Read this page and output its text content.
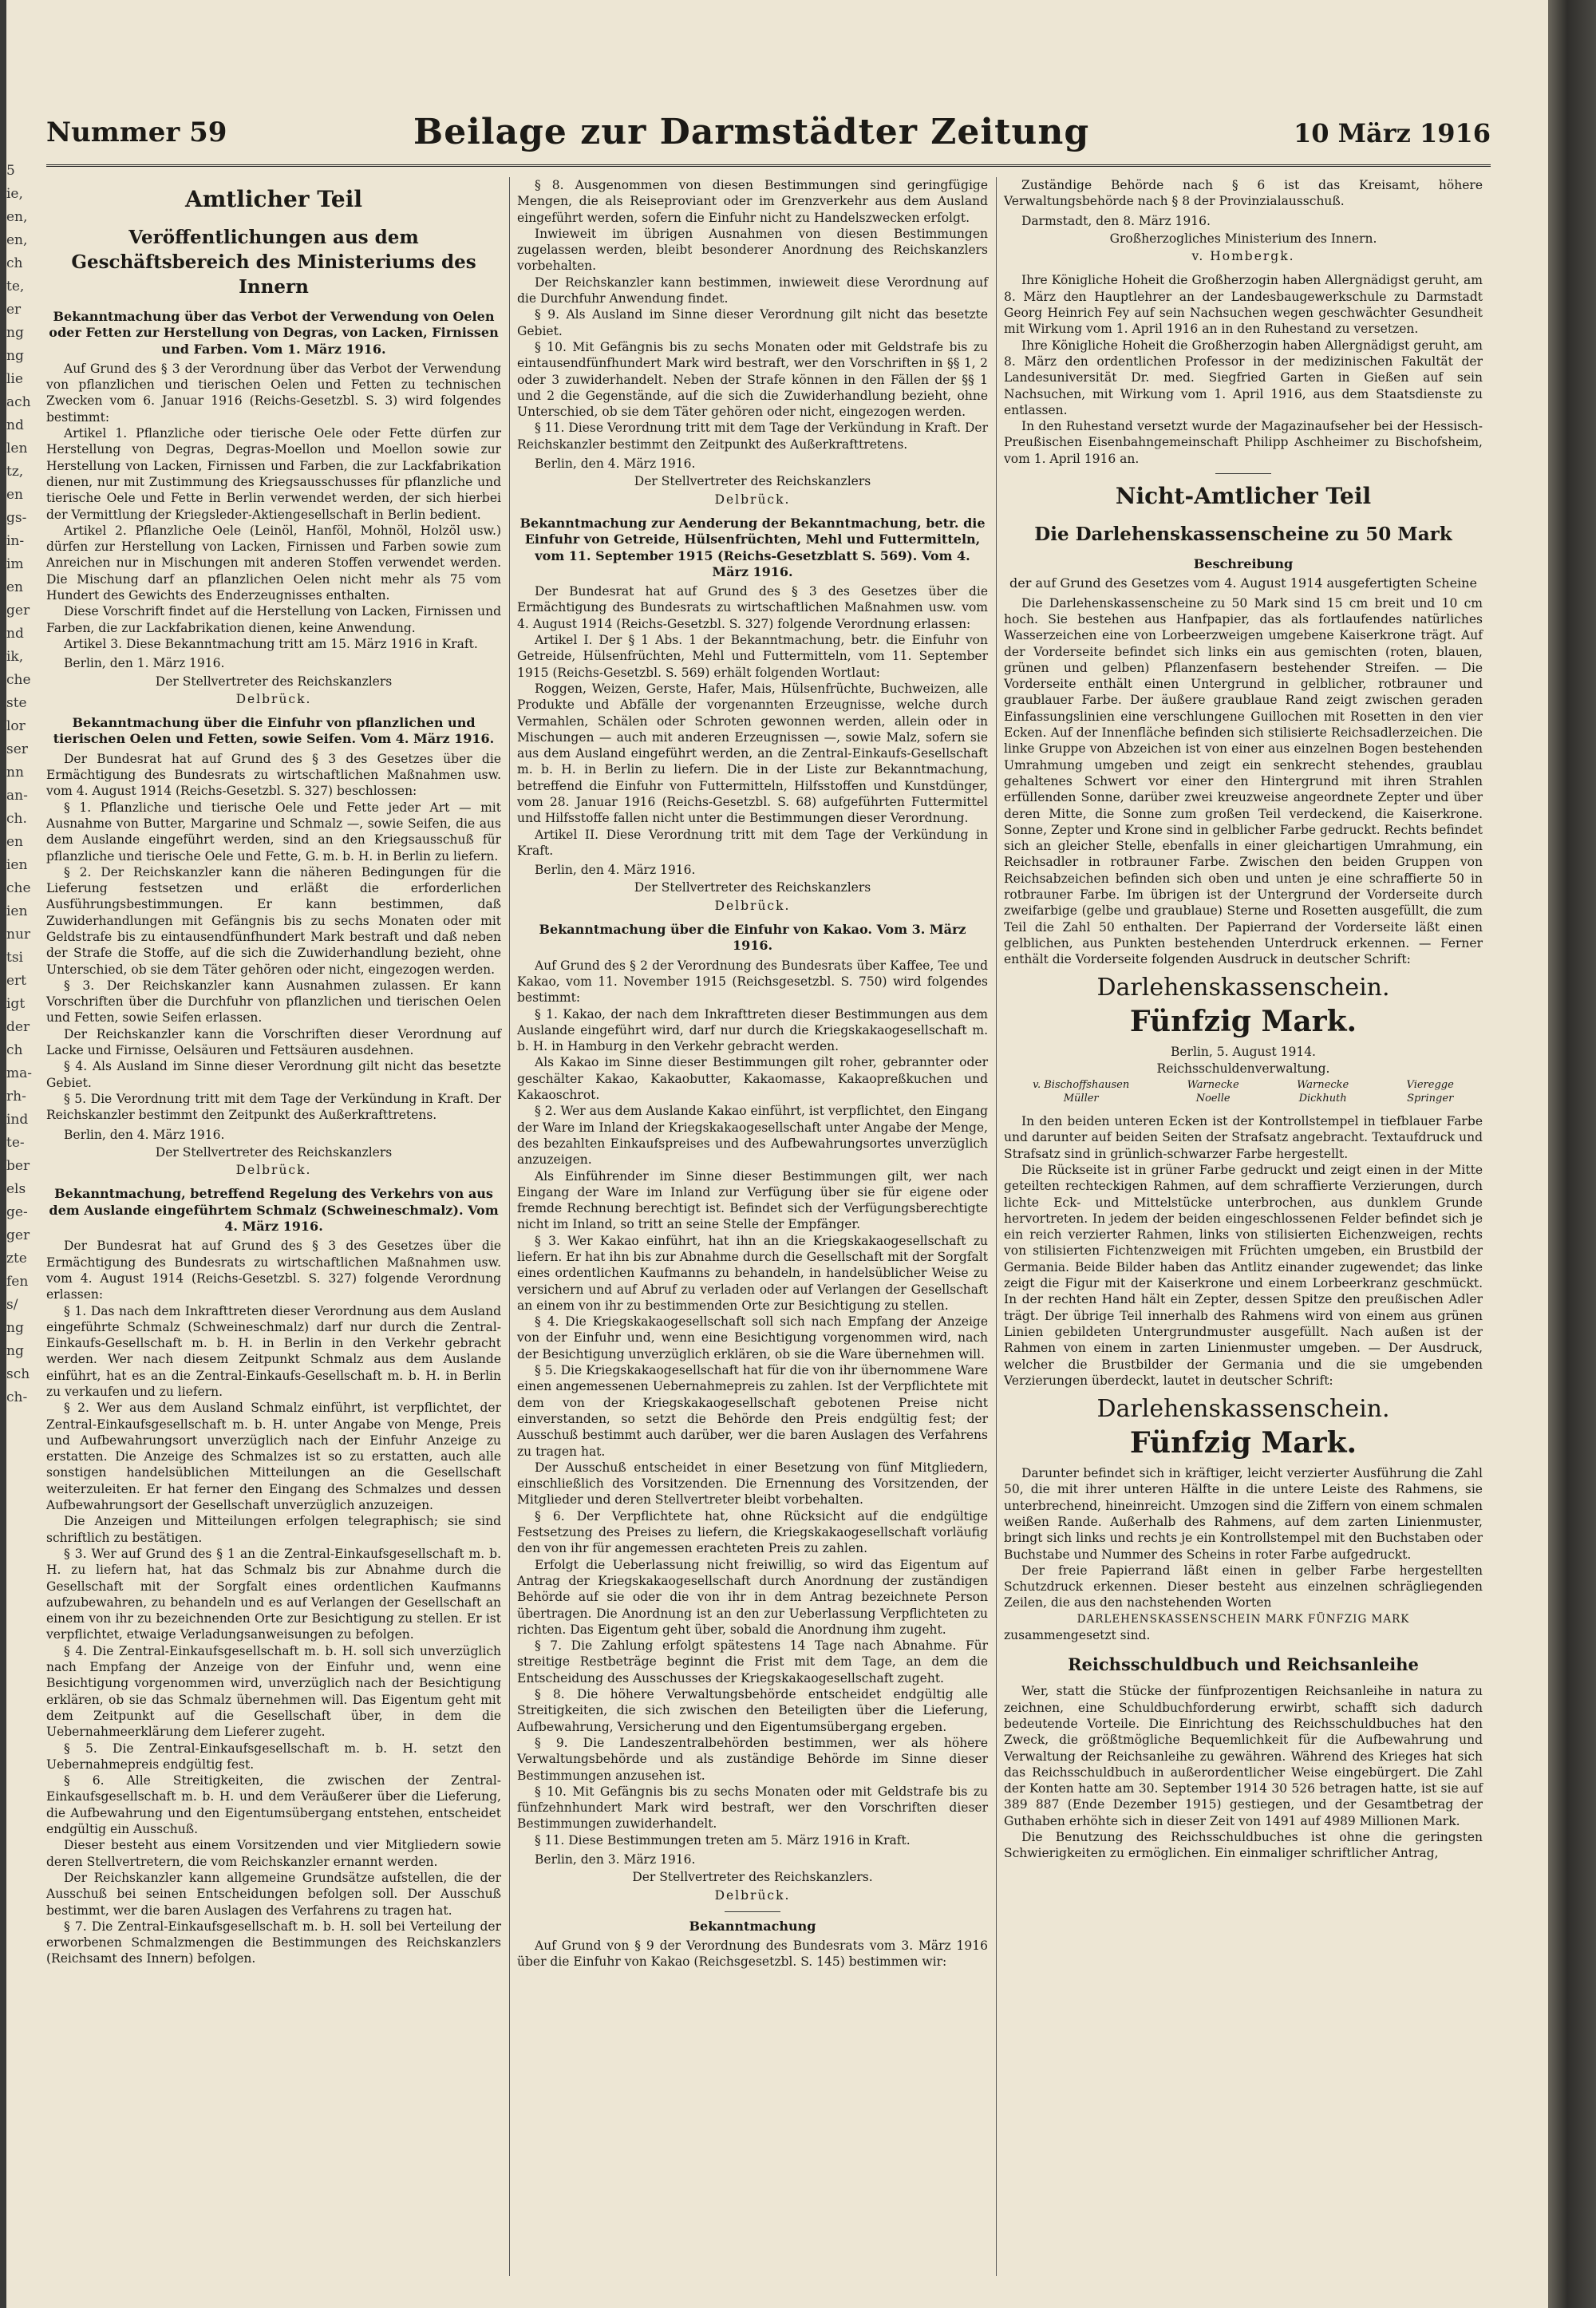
5
ie,
en,
en,
ch
te,
er
ng
ng
lie
ach
nd
len
tz,
en
gs-
in-
im
en
ger
nd
ik,
che
ste
lor
ser
nn
an-
ch.
en
ien
che
ien
nur
tsi
ert
igt
der
ch
ma-
rh-
ind
te-
ber
els
ge-
ger
zte
fen
s/
ng
ng
sch
ch-
Nummer 59	Beilage zur Darmstädter Zeitung	10 März 1916
Amtlicher Teil
Veröffentlichungen aus dem Geschäftsbereich des Ministeriums des Innern
Bekanntmachung über das Verbot der Verwendung von Oelen oder Fetten zur Herstellung von Degras, von Lacken, Firnissen und Farben. Vom 1. März 1916.

Auf Grund des § 3 der Verordnung über das Verbot der Verwendung von pflanzlichen und tierischen Oelen und Fetten zu technischen Zwecken vom 6. Januar 1916 (Reichs-Gesetzbl. S. 3) wird folgendes bestimmt:

Artikel 1. Pflanzliche oder tierische Oele oder Fette dürfen zur Herstellung von Degras, Degras-Moellon und Moellon sowie zur Herstellung von Lacken, Firnissen und Farben, die zur Lackfabrikation dienen, nur mit Zustimmung des Kriegsausschusses für pflanzliche und tierische Oele und Fette in Berlin verwendet werden, der sich hierbei der Vermittlung der Kriegsleder-Aktiengesellschaft in Berlin bedient.

Artikel 2. Pflanzliche Oele (Leinöl, Hanföl, Mohnöl, Holzöl usw.) dürfen zur Herstellung von Lacken, Firnissen und Farben sowie zum Anreichen nur in Mischungen mit anderen Stoffen verwendet werden. Die Mischung darf an pflanzlichen Oelen nicht mehr als 75 vom Hundert des Gewichts des Enderzeugnisses enthalten.

Diese Vorschrift findet auf die Herstellung von Lacken, Firnissen und Farben, die zur Lackfabrikation dienen, keine Anwendung.

Artikel 3. Diese Bekanntmachung tritt am 15. März 1916 in Kraft.

Berlin, den 1. März 1916.

Der Stellvertreter des Reichskanzlers
Delbrück.
Bekanntmachung über die Einfuhr von pflanzlichen und tierischen Oelen und Fetten, sowie Seifen. Vom 4. März 1916.

Der Bundesrat hat auf Grund des § 3 des Gesetzes über die Ermächtigung des Bundesrats zu wirtschaftlichen Maßnahmen usw. vom 4. August 1914 (Reichs-Gesetzbl. S. 327) beschlossen:

§ 1. Pflanzliche und tierische Oele und Fette jeder Art — mit Ausnahme von Butter, Margarine und Schmalz —, sowie Seifen, die aus dem Auslande eingeführt werden, sind an den Kriegsausschuß für pflanzliche und tierische Oele und Fette, G. m. b. H. in Berlin zu liefern.

§ 2. Der Reichskanzler kann die näheren Bedingungen für die Lieferung festsetzen und erläßt die erforderlichen Ausführungsbestimmungen. Er kann bestimmen, daß Zuwiderhandlungen mit Gefängnis bis zu sechs Monaten oder mit Geldstrafe bis zu eintausendfünfhundert Mark bestraft und daß neben der Strafe die Stoffe, auf die sich die Zuwiderhandlung bezieht, ohne Unterschied, ob sie dem Täter gehören oder nicht, eingezogen werden.

§ 3. Der Reichskanzler kann Ausnahmen zulassen. Er kann Vorschriften über die Durchfuhr von pflanzlichen und tierischen Oelen und Fetten, sowie Seifen erlassen.

Der Reichskanzler kann die Vorschriften dieser Verordnung auf Lacke und Firnisse, Oelsäuren und Fettsäuren ausdehnen.

§ 4. Als Ausland im Sinne dieser Verordnung gilt nicht das besetzte Gebiet.

§ 5. Die Verordnung tritt mit dem Tage der Verkündung in Kraft. Der Reichskanzler bestimmt den Zeitpunkt des Außerkrafttretens.

Berlin, den 4. März 1916.

Der Stellvertreter des Reichskanzlers
Delbrück.
Bekanntmachung, betreffend Regelung des Verkehrs von aus dem Auslande eingeführtem Schmalz (Schweineschmalz). Vom 4. März 1916.

Der Bundesrat hat auf Grund des § 3 des Gesetzes über die Ermächtigung des Bundesrats zu wirtschaftlichen Maßnahmen usw. vom 4. August 1914 (Reichs-Gesetzbl. S. 327) folgende Verordnung erlassen:

§ 1. Das nach dem Inkrafttreten dieser Verordnung aus dem Ausland eingeführte Schmalz (Schweineschmalz) darf nur durch die Zentral-Einkaufs-Gesellschaft m. b. H. in Berlin in den Verkehr gebracht werden. Wer nach diesem Zeitpunkt Schmalz aus dem Auslande einführt, hat es an die Zentral-Einkaufs-Gesellschaft m. b. H. in Berlin zu verkaufen und zu liefern.

§ 2. Wer aus dem Ausland Schmalz einführt, ist verpflichtet, der Zentral-Einkaufsgesellschaft m. b. H. unter Angabe von Menge, Preis und Aufbewahrungsort unverzüglich nach der Einfuhr Anzeige zu erstatten. Die Anzeige des Schmalzes ist so zu erstatten, auch alle sonstigen handelsüblichen Mitteilungen an die Gesellschaft weiterzuleiten. Er hat ferner den Eingang des Schmalzes und dessen Aufbewahrungsort der Gesellschaft unverzüglich anzuzeigen.

Die Anzeigen und Mitteilungen erfolgen telegraphisch; sie sind schriftlich zu bestätigen.

§ 3. Wer auf Grund des § 1 an die Zentral-Einkaufsgesellschaft m. b. H. zu liefern hat, hat das Schmalz bis zur Abnahme durch die Gesellschaft mit der Sorgfalt eines ordentlichen Kaufmanns aufzubewahren, zu behandeln und es auf Verlangen der Gesellschaft an einem von ihr zu bezeichnenden Orte zur Besichtigung zu stellen. Er ist verpflichtet, etwaige Verladungsanweisungen zu befolgen.

§ 4. Die Zentral-Einkaufsgesellschaft m. b. H. soll sich unverzüglich nach Empfang der Anzeige von der Einfuhr und, wenn eine Besichtigung vorgenommen wird, unverzüglich nach der Besichtigung erklären, ob sie das Schmalz übernehmen will. Das Eigentum geht mit dem Zeitpunkt auf die Gesellschaft über, in dem die Uebernahmeerklärung dem Lieferer zugeht.

§ 5. Die Zentral-Einkaufsgesellschaft m. b. H. setzt den Uebernahmepreis endgültig fest.

§ 6. Alle Streitigkeiten, die zwischen der Zentral-Einkaufsgesellschaft m. b. H. und dem Veräußerer über die Lieferung, die Aufbewahrung und den Eigentumsübergang entstehen, entscheidet endgültig ein Ausschuß.

Dieser besteht aus einem Vorsitzenden und vier Mitgliedern sowie deren Stellvertretern, die vom Reichskanzler ernannt werden.

Der Reichskanzler kann allgemeine Grundsätze aufstellen, die der Ausschuß bei seinen Entscheidungen befolgen soll. Der Ausschuß bestimmt, wer die baren Auslagen des Verfahrens zu tragen hat.

§ 7. Die Zentral-Einkaufsgesellschaft m. b. H. soll bei Verteilung der erworbenen Schmalzmengen die Bestimmungen des Reichskanzlers (Reichsamt des Innern) befolgen.

§ 8. Ausgenommen von diesen Bestimmungen sind geringfügige Mengen, die als Reiseproviant oder im Grenzverkehr aus dem Ausland eingeführt werden, sofern die Einfuhr nicht zu Handelszwecken erfolgt.

Inwieweit im übrigen Ausnahmen von diesen Bestimmungen zugelassen werden, bleibt besonderer Anordnung des Reichskanzlers vorbehalten.

Der Reichskanzler kann bestimmen, inwieweit diese Verordnung auf die Durchfuhr Anwendung findet.

§ 9. Als Ausland im Sinne dieser Verordnung gilt nicht das besetzte Gebiet.

§ 10. Mit Gefängnis bis zu sechs Monaten oder mit Geldstrafe bis zu eintausendfünfhundert Mark wird bestraft, wer den Vorschriften in §§ 1, 2 oder 3 zuwiderhandelt. Neben der Strafe können in den Fällen der §§ 1 und 2 die Gegenstände, auf die sich die Zuwiderhandlung bezieht, ohne Unterschied, ob sie dem Täter gehören oder nicht, eingezogen werden.

§ 11. Diese Verordnung tritt mit dem Tage der Verkündung in Kraft. Der Reichskanzler bestimmt den Zeitpunkt des Außerkrafttretens.

Berlin, den 4. März 1916.

Der Stellvertreter des Reichskanzlers
Delbrück.
Bekanntmachung zur Aenderung der Bekanntmachung, betr. die Einfuhr von Getreide, Hülsenfrüchten, Mehl und Futtermitteln, vom 11. September 1915 (Reichs-Gesetzblatt S. 569). Vom 4. März 1916.

Der Bundesrat hat auf Grund des § 3 des Gesetzes über die Ermächtigung des Bundesrats zu wirtschaftlichen Maßnahmen usw. vom 4. August 1914 (Reichs-Gesetzbl. S. 327) folgende Verordnung erlassen:

Artikel I. Der § 1 Abs. 1 der Bekanntmachung, betr. die Einfuhr von Getreide, Hülsenfrüchten, Mehl und Futtermitteln, vom 11. September 1915 (Reichs-Gesetzbl. S. 569) erhält folgenden Wortlaut:

Roggen, Weizen, Gerste, Hafer, Mais, Hülsenfrüchte, Buchweizen, alle Produkte und Abfälle der vorgenannten Erzeugnisse, welche durch Vermahlen, Schälen oder Schroten gewonnen werden, allein oder in Mischungen — auch mit anderen Erzeugnissen —, sowie Malz, sofern sie aus dem Ausland eingeführt werden, an die Zentral-Einkaufs-Gesellschaft m. b. H. in Berlin zu liefern. Die in der Liste zur Bekanntmachung, betreffend die Einfuhr von Futtermitteln, Hilfsstoffen und Kunstdünger, vom 28. Januar 1916 (Reichs-Gesetzbl. S. 68) aufgeführten Futtermittel und Hilfsstoffe fallen nicht unter die Bestimmungen dieser Verordnung.

Artikel II. Diese Verordnung tritt mit dem Tage der Verkündung in Kraft.

Berlin, den 4. März 1916.

Der Stellvertreter des Reichskanzlers
Delbrück.
Bekanntmachung über die Einfuhr von Kakao. Vom 3. März 1916.

Auf Grund des § 2 der Verordnung des Bundesrats über Kaffee, Tee und Kakao, vom 11. November 1915 (Reichsgesetzbl. S. 750) wird folgendes bestimmt:

§ 1. Kakao, der nach dem Inkrafttreten dieser Bestimmungen aus dem Auslande eingeführt wird, darf nur durch die Kriegskakaogesellschaft m. b. H. in Hamburg in den Verkehr gebracht werden.

Als Kakao im Sinne dieser Bestimmungen gilt roher, gebrannter oder geschälter Kakao, Kakaobutter, Kakaomasse, Kakaopreßkuchen und Kakaoschrot.

§ 2. Wer aus dem Auslande Kakao einführt, ist verpflichtet, den Eingang der Ware im Inland der Kriegskakaogesellschaft unter Angabe der Menge, des bezahlten Einkaufspreises und des Aufbewahrungsortes unverzüglich anzuzeigen.

Als Einführender im Sinne dieser Bestimmungen gilt, wer nach Eingang der Ware im Inland zur Verfügung über sie für eigene oder fremde Rechnung berechtigt ist. Befindet sich der Verfügungsberechtigte nicht im Inland, so tritt an seine Stelle der Empfänger.

§ 3. Wer Kakao einführt, hat ihn an die Kriegskakaogesellschaft zu liefern. Er hat ihn bis zur Abnahme durch die Gesellschaft mit der Sorgfalt eines ordentlichen Kaufmanns zu behandeln, in handelsüblicher Weise zu versichern und auf Abruf zu verladen oder auf Verlangen der Gesellschaft an einem von ihr zu bestimmenden Orte zur Besichtigung zu stellen.

§ 4. Die Kriegskakaogesellschaft soll sich nach Empfang der Anzeige von der Einfuhr und, wenn eine Besichtigung vorgenommen wird, nach der Besichtigung unverzüglich erklären, ob sie die Ware übernehmen will.

§ 5. Die Kriegskakaogesellschaft hat für die von ihr übernommene Ware einen angemessenen Uebernahmepreis zu zahlen. Ist der Verpflichtete mit dem von der Kriegskakaogesellschaft gebotenen Preise nicht einverstanden, so setzt die Behörde den Preis endgültig fest; der Ausschuß bestimmt auch darüber, wer die baren Auslagen des Verfahrens zu tragen hat.

Der Ausschuß entscheidet in einer Besetzung von fünf Mitgliedern, einschließlich des Vorsitzenden. Die Ernennung des Vorsitzenden, der Mitglieder und deren Stellvertreter bleibt vorbehalten.

§ 6. Der Verpflichtete hat, ohne Rücksicht auf die endgültige Festsetzung des Preises zu liefern, die Kriegskakaogesellschaft vorläufig den von ihr für angemessen erachteten Preis zu zahlen.

Erfolgt die Ueberlassung nicht freiwillig, so wird das Eigentum auf Antrag der Kriegskakaogesellschaft durch Anordnung der zuständigen Behörde auf sie oder die von ihr in dem Antrag bezeichnete Person übertragen. Die Anordnung ist an den zur Ueberlassung Verpflichteten zu richten. Das Eigentum geht über, sobald die Anordnung ihm zugeht.

§ 7. Die Zahlung erfolgt spätestens 14 Tage nach Abnahme. Für streitige Restbeträge beginnt die Frist mit dem Tage, an dem die Entscheidung des Ausschusses der Kriegskakaogesellschaft zugeht.

§ 8. Die höhere Verwaltungsbehörde entscheidet endgültig alle Streitigkeiten, die sich zwischen den Beteiligten über die Lieferung, Aufbewahrung, Versicherung und den Eigentumsübergang ergeben.

§ 9. Die Landeszentralbehörden bestimmen, wer als höhere Verwaltungsbehörde und als zuständige Behörde im Sinne dieser Bestimmungen anzusehen ist.

§ 10. Mit Gefängnis bis zu sechs Monaten oder mit Geldstrafe bis zu fünfzehnhundert Mark wird bestraft, wer den Vorschriften dieser Bestimmungen zuwiderhandelt.

§ 11. Diese Bestimmungen treten am 5. März 1916 in Kraft.

Berlin, den 3. März 1916.

Der Stellvertreter des Reichskanzlers.
Delbrück.
Bekanntmachung

Auf Grund von § 9 der Verordnung des Bundesrats vom 3. März 1916 über die Einfuhr von Kakao (Reichsgesetzbl. S. 145) bestimmen wir:

Zuständige Behörde nach § 6 ist das Kreisamt, höhere Verwaltungsbehörde nach § 8 der Provinzialausschuß.

Darmstadt, den 8. März 1916.

Großherzogliches Ministerium des Innern.
v. Hombergk.

Ihre Königliche Hoheit die Großherzogin haben Allergnädigst geruht, am 8. März den Hauptlehrer an der Landesbaugewerkschule zu Darmstadt Georg Heinrich Fey auf sein Nachsuchen wegen geschwächter Gesundheit mit Wirkung vom 1. April 1916 an in den Ruhestand zu versetzen.

Ihre Königliche Hoheit die Großherzogin haben Allergnädigst geruht, am 8. März den ordentlichen Professor in der medizinischen Fakultät der Landesuniversität Dr. med. Siegfried Garten in Gießen auf sein Nachsuchen, mit Wirkung vom 1. April 1916, aus dem Staatsdienste zu entlassen.

In den Ruhestand versetzt wurde der Magazinaufseher bei der Hessisch-Preußischen Eisenbahngemeinschaft Philipp Aschheimer zu Bischofsheim, vom 1. April 1916 an.

Nicht-Amtlicher Teil
Die Darlehenskassenscheine zu 50 Mark
Beschreibung
der auf Grund des Gesetzes vom 4. August 1914 ausgefertigten Scheine

Die Darlehenskassenscheine zu 50 Mark sind 15 cm breit und 10 cm hoch. Sie bestehen aus Hanfpapier, das als fortlaufendes natürliches Wasserzeichen eine von Lorbeerzweigen umgebene Kaiserkrone trägt. Auf der Vorderseite befindet sich links ein aus gemischten (roten, blauen, grünen und gelben) Pflanzenfasern bestehender Streifen. — Die Vorderseite enthält einen Untergrund in gelblicher, rotbrauner und graublauer Farbe. Der äußere graublaue Rand zeigt zwischen geraden Einfassungslinien eine verschlungene Guillochen mit Rosetten in den vier Ecken. Auf der Innenfläche befinden sich stilisierte Reichsadlerzeichen. Die linke Gruppe von Abzeichen ist von einer aus einzelnen Bogen bestehenden Umrahmung umgeben und zeigt ein senkrecht stehendes, graublau gehaltenes Schwert vor einer den Hintergrund mit ihren Strahlen erfüllenden Sonne, darüber zwei kreuzweise angeordnete Zepter und über deren Mitte, die Sonne zum großen Teil verdeckend, die Kaiserkrone. Sonne, Zepter und Krone sind in gelblicher Farbe gedruckt. Rechts befindet sich an gleicher Stelle, ebenfalls in einer gleichartigen Umrahmung, ein Reichsadler in rotbrauner Farbe. Zwischen den beiden Gruppen von Reichsabzeichen befinden sich oben und unten je eine schraffierte 50 in rotbrauner Farbe. Im übrigen ist der Untergrund der Vorderseite durch zweifarbige (gelbe und graublaue) Sterne und Rosetten ausgefüllt, die zum Teil die Zahl 50 enthalten. Der Papierrand der Vorderseite läßt einen gelblichen, aus Punkten bestehenden Unterdruck erkennen. — Ferner enthält die Vorderseite folgenden Ausdruck in deutscher Schrift:

Darlehenskassenschein.
Fünfzig Mark.

Berlin, 5. August 1914.

Reichsschuldenverwaltung.

v. Bischoffshausen
Müller
Warnecke
Noelle
Warnecke
Dickhuth
Vieregge
Springer

In den beiden unteren Ecken ist der Kontrollstempel in tiefblauer Farbe und darunter auf beiden Seiten der Strafsatz angebracht. Textaufdruck und Strafsatz sind in grünlich-schwarzer Farbe hergestellt.

Die Rückseite ist in grüner Farbe gedruckt und zeigt einen in der Mitte geteilten rechteckigen Rahmen, auf dem schraffierte Verzierungen, durch lichte Eck- und Mittelstücke unterbrochen, aus dunklem Grunde hervortreten. In jedem der beiden eingeschlossenen Felder befindet sich je ein reich verzierter Rahmen, links von stilisierten Eichenzweigen, rechts von stilisierten Fichtenzweigen mit Früchten umgeben, ein Brustbild der Germania. Beide Bilder haben das Antlitz einander zugewendet; das linke zeigt die Figur mit der Kaiserkrone und einem Lorbeerkranz geschmückt. In der rechten Hand hält ein Zepter, dessen Spitze den preußischen Adler trägt. Der übrige Teil innerhalb des Rahmens wird von einem aus grünen Linien gebildeten Untergrundmuster ausgefüllt. Nach außen ist der Rahmen von einem in zarten Linienmuster umgeben. — Der Ausdruck, welcher die Brustbilder der Germania und die sie umgebenden Verzierungen überdeckt, lautet in deutscher Schrift:

Darlehenskassenschein.
Fünfzig Mark.

Darunter befindet sich in kräftiger, leicht verzierter Ausführung die Zahl 50, die mit ihrer unteren Hälfte in die untere Leiste des Rahmens, sie unterbrechend, hineinreicht. Umzogen sind die Ziffern von einem schmalen weißen Rande. Außerhalb des Rahmens, auf dem zarten Linienmuster, bringt sich links und rechts je ein Kontrollstempel mit den Buchstaben oder Buchstabe und Nummer des Scheins in roter Farbe aufgedruckt.

Der freie Papierrand läßt einen in gelber Farbe hergestellten Schutzdruck erkennen. Dieser besteht aus einzelnen schrägliegenden Zeilen, die aus den nachstehenden Worten

DARLEHENSKASSENSCHEIN MARK FÜNFZIG MARK

zusammengesetzt sind.

Reichsschuldbuch und Reichsanleihe

Wer, statt die Stücke der fünfprozentigen Reichsanleihe in natura zu zeichnen, eine Schuldbuchforderung erwirbt, schafft sich dadurch bedeutende Vorteile. Die Einrichtung des Reichsschuldbuches hat den Zweck, die größtmögliche Bequemlichkeit für die Aufbewahrung und Verwaltung der Reichsanleihe zu gewähren. Während des Krieges hat sich das Reichsschuldbuch in außerordentlicher Weise eingebürgert. Die Zahl der Konten hatte am 30. September 1914 30 526 betragen hatte, ist sie auf 389 887 (Ende Dezember 1915) gestiegen, und der Gesamtbetrag der Guthaben erhöhte sich in dieser Zeit von 1491 auf 4989 Millionen Mark.

Die Benutzung des Reichsschuldbuches ist ohne die geringsten Schwierigkeiten zu ermöglichen. Ein einmaliger schriftlicher Antrag,
